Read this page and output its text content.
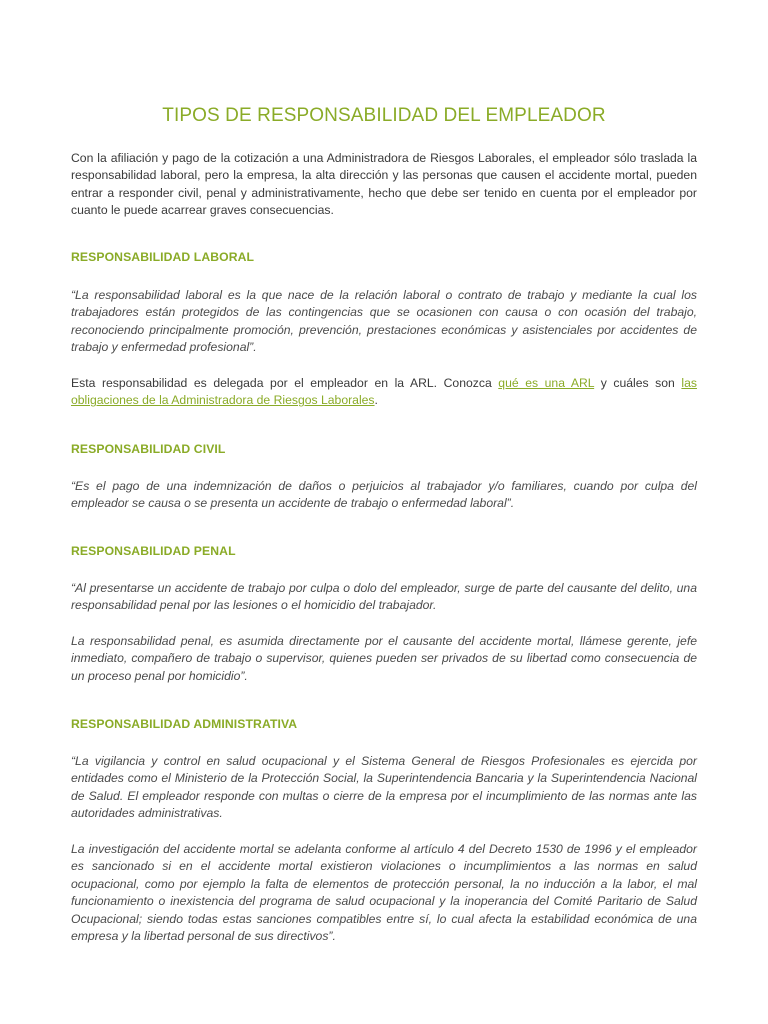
TIPOS DE RESPONSABILIDAD DEL EMPLEADOR

Con la afiliación y pago de la cotización a una Administradora de Riesgos Laborales, el empleador sólo traslada la responsabilidad laboral, pero la empresa, la alta dirección y las personas que causen el accidente mortal, pueden entrar a responder civil, penal y administrativamente, hecho que debe ser tenido en cuenta por el empleador por cuanto le puede acarrear graves consecuencias.

RESPONSABILIDAD LABORAL

“La responsabilidad laboral es la que nace de la relación laboral o contrato de trabajo y mediante la cual los trabajadores están protegidos de las contingencias que se ocasionen con causa o con ocasión del trabajo, reconociendo principalmente promoción, prevención, prestaciones económicas y asistenciales por accidentes de trabajo y enfermedad profesional”.

Esta responsabilidad es delegada por el empleador en la ARL. Conozca qué es una ARL y cuáles son las obligaciones de la Administradora de Riesgos Laborales.

RESPONSABILIDAD CIVIL

“Es el pago de una indemnización de daños o perjuicios al trabajador y/o familiares, cuando por culpa del empleador se causa o se presenta un accidente de trabajo o enfermedad laboral”.

RESPONSABILIDAD PENAL

“Al presentarse un accidente de trabajo por culpa o dolo del empleador, surge de parte del causante del delito, una responsabilidad penal por las lesiones o el homicidio del trabajador.

La responsabilidad penal, es asumida directamente por el causante del accidente mortal, llámese gerente, jefe inmediato, compañero de trabajo o supervisor, quienes pueden ser privados de su libertad como consecuencia de un proceso penal por homicidio”.

RESPONSABILIDAD ADMINISTRATIVA

“La vigilancia y control en salud ocupacional y el Sistema General de Riesgos Profesionales es ejercida por entidades como el Ministerio de la Protección Social, la Superintendencia Bancaria y la Superintendencia Nacional de Salud. El empleador responde con multas o cierre de la empresa por el incumplimiento de las normas ante las autoridades administrativas.

La investigación del accidente mortal se adelanta conforme al artículo 4 del Decreto 1530 de 1996 y el empleador es sancionado si en el accidente mortal existieron violaciones o incumplimientos a las normas en salud ocupacional, como por ejemplo la falta de elementos de protección personal, la no inducción a la labor, el mal funcionamiento o inexistencia del programa de salud ocupacional y la inoperancia del Comité Paritario de Salud Ocupacional; siendo todas estas sanciones compatibles entre sí, lo cual afecta la estabilidad económica de una empresa y la libertad personal de sus directivos”.
